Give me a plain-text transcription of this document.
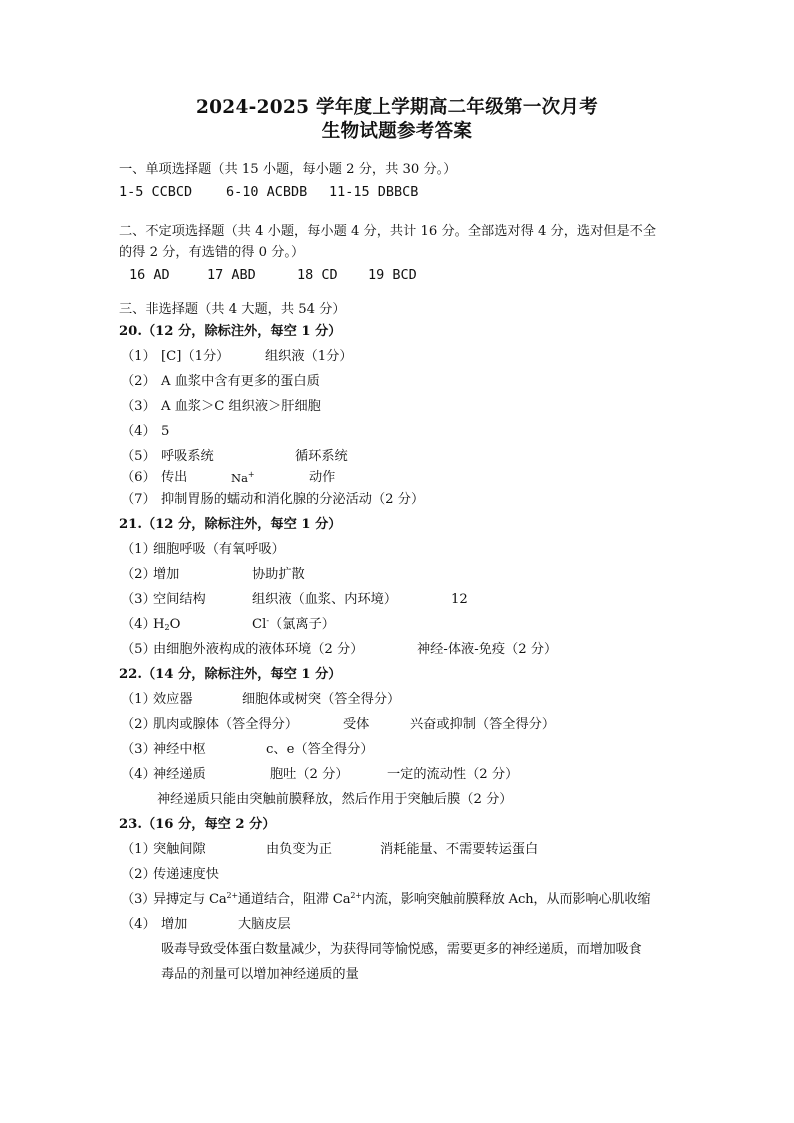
2024-2025 学年度上学期高二年级第一次月考
生物试题参考答案
一、单项选择题（共 15 小题，每小题 2 分，共 30 分。）
1-5 CCBCD	6-10 ACBDB 11-15 DBBCB
二、不定项选择题（共 4 小题，每小题 4 分，共计 16 分。全部选对得 4 分，选对但是不全
的得 2 分，有选错的得 0 分。）
16 AD	17 ABD	18 CD 19 BCD
三、非选择题（共 4 大题，共 54 分）
20.（12 分，除标注外，每空 1 分）
（1） [C]（1分）	组织液（1分）
（2） A 血浆中含有更多的蛋白质
（3） A 血浆＞C 组织液＞肝细胞
（4） 5
（5） 呼吸系统	循环系统
（6） 传出	Na+	动作
（7） 抑制胃肠的蠕动和消化腺的分泌活动（2 分）
21.（12 分，除标注外，每空 1 分）
（1）
细胞呼吸（有氧呼吸）
（2）
增加	协助扩散
（3）
空间结构	组织液（血浆、内环境）	12
（4）
$H_2O$	Cl-（氯离子）
（5）
由细胞外液构成的液体环境（2 分）	神经-体液-免疫（2 分）
22.（14 分，除标注外，每空 1 分）
（1）
效应器	细胞体或树突（答全得分）
（2）
肌肉或腺体（答全得分）	受体	兴奋或抑制（答全得分）
（3）
神经中枢	c、e（答全得分）
（4）
神经递质	胞吐（2 分）	一定的流动性（2 分）
神经递质只能由突触前膜释放，然后作用于突触后膜（2 分）
23.（16 分，每空 2 分）
（1）
突触间隙	由负变为正	消耗能量、不需要转运蛋白
（2）
传递速度快
（3）
异搏定与 $Ca^{2+}$通道结合，阻滞 $Ca^{2+}$内流，影响突触前膜释放 Ach，从而影响心肌收缩
（4） 增加	大脑皮层
吸毒导致受体蛋白数量减少，为获得同等愉悦感，需要更多的神经递质，而增加吸食
毒品的剂量可以增加神经递质的量
